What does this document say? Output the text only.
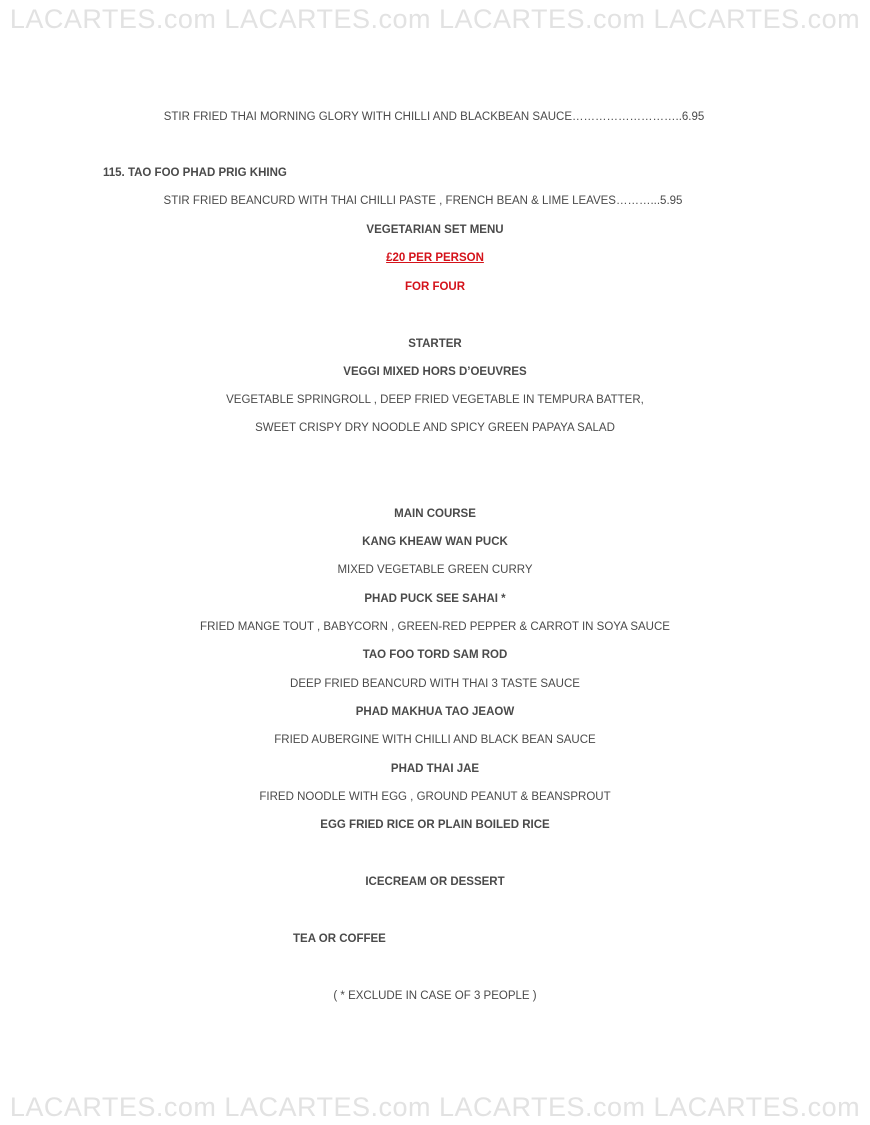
LACARTES.com LACARTES.com LACARTES.com LACARTES.com
STIR FRIED THAI MORNING GLORY WITH CHILLI AND BLACKBEAN SAUCE………………………..6.95
115. TAO FOO PHAD PRIG KHING
STIR FRIED BEANCURD WITH THAI CHILLI PASTE , FRENCH BEAN & LIME LEAVES………...5.95
VEGETARIAN SET MENU
£20 PER PERSON
FOR FOUR
STARTER
VEGGI MIXED HORS D’OEUVRES
VEGETABLE SPRINGROLL , DEEP FRIED VEGETABLE IN TEMPURA BATTER,
SWEET CRISPY DRY NOODLE AND SPICY GREEN PAPAYA SALAD
MAIN COURSE
KANG KHEAW WAN PUCK
MIXED VEGETABLE GREEN CURRY
PHAD PUCK SEE SAHAI *
FRIED MANGE TOUT , BABYCORN , GREEN-RED PEPPER & CARROT IN SOYA SAUCE
TAO FOO TORD SAM ROD
DEEP FRIED BEANCURD WITH THAI 3 TASTE SAUCE
PHAD MAKHUA TAO JEAOW
FRIED AUBERGINE WITH CHILLI AND BLACK BEAN SAUCE
PHAD THAI JAE
FIRED NOODLE WITH EGG , GROUND PEANUT & BEANSPROUT
EGG FRIED RICE OR PLAIN BOILED RICE
ICECREAM OR DESSERT
TEA OR COFFEE
( * EXCLUDE IN CASE OF 3 PEOPLE )
LACARTES.com LACARTES.com LACARTES.com LACARTES.com
